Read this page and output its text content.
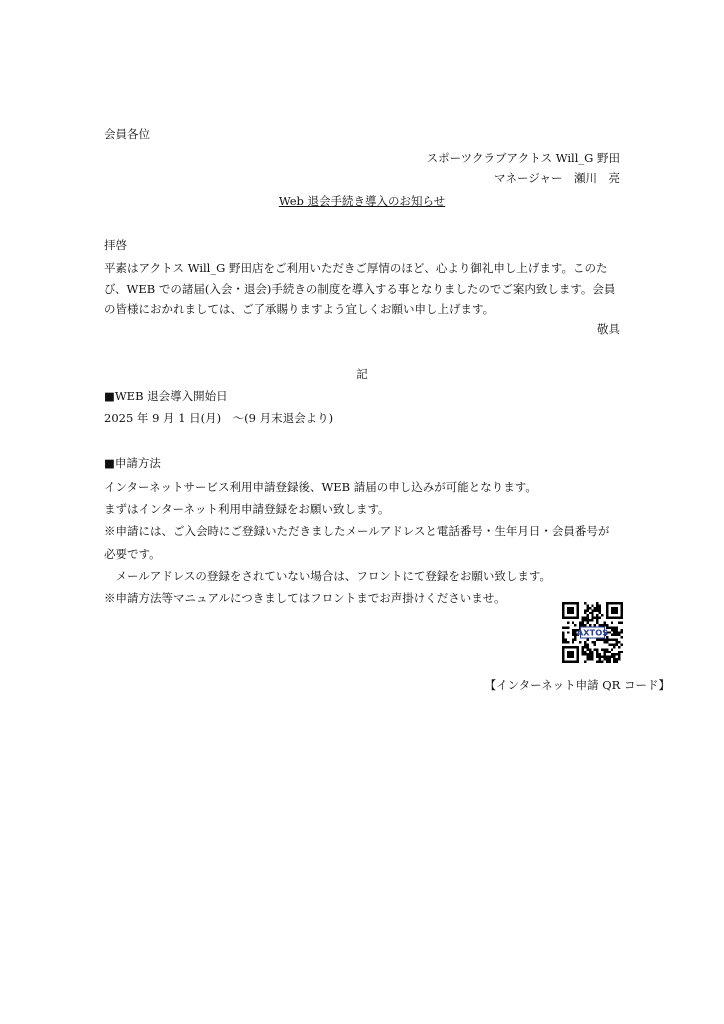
会員各位
スポーツクラブアクトス Will_G 野田
マネージャー　瀬川　亮
Web 退会手続き導入のお知らせ
拝啓
平素はアクトス Will_G 野田店をご利用いただきご厚情のほど、心より御礼申し上げます。このた
び、WEB での諸届(入会・退会)手続きの制度を導入する事となりましたのでご案内致します。会員
の皆様におかれましては、ご了承賜りますよう宜しくお願い申し上げます。
敬具
記
■WEB 退会導入開始日
2025 年 9 月 1 日(月)　～(9 月末退会より)
■申請方法
インターネットサービス利用申請登録後、WEB 請届の申し込みが可能となります。
まずはインターネット利用申請登録をお願い致します。
※申請には、ご入会時にご登録いただきましたメールアドレスと電話番号・生年月日・会員番号が
必要です。
　メールアドレスの登録をされていない場合は、フロントにて登録をお願い致します。
※申請方法等マニュアルにつきましてはフロントまでお声掛けくださいませ。
AXTOS
【インターネット申請 QR コード】
